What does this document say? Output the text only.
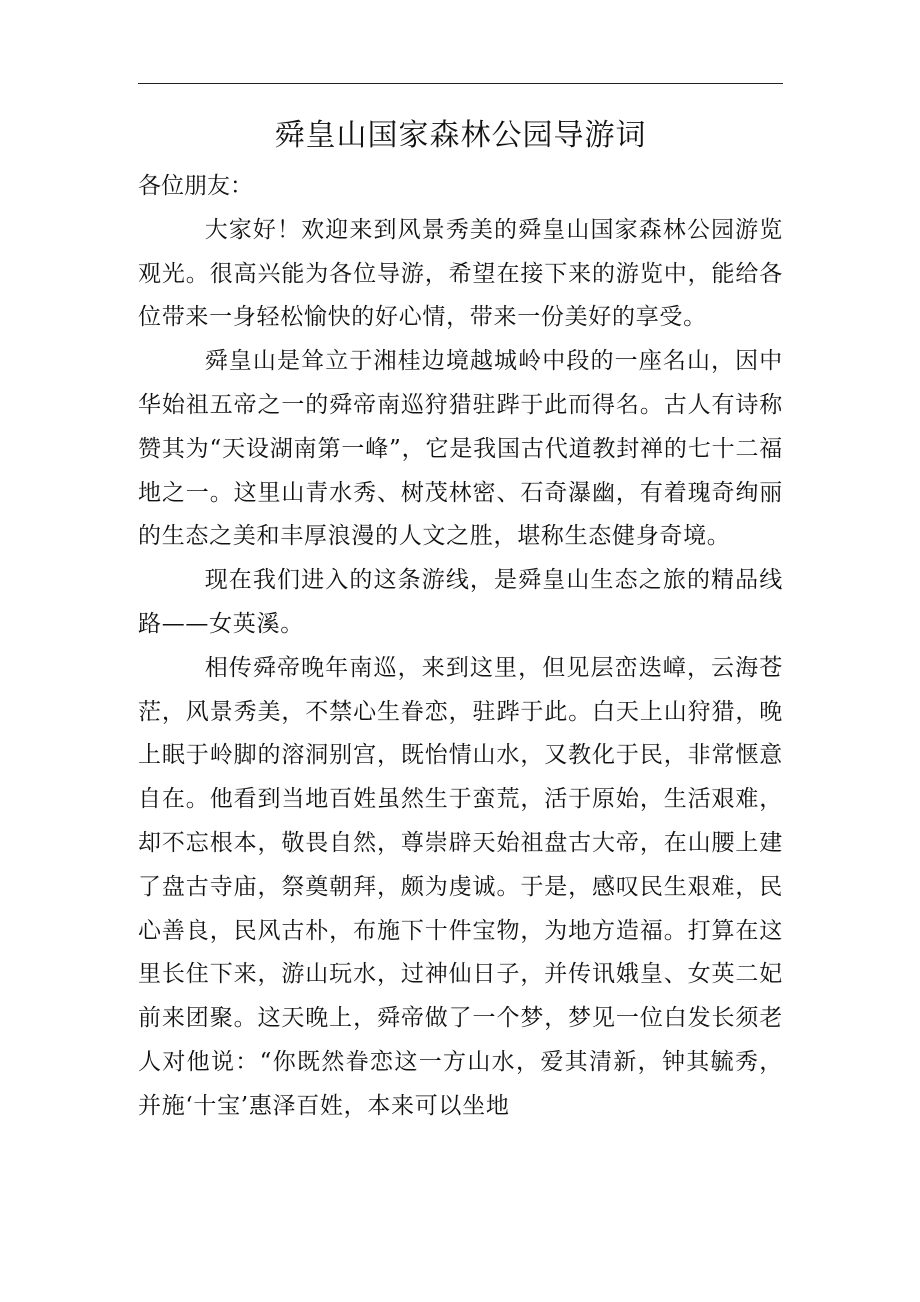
舜皇山国家森林公园导游词

各位朋友：

大家好！欢迎来到风景秀美的舜皇山国家森林公园游览观光。很高兴能为各位导游，希望在接下来的游览中，能给各位带来一身轻松愉快的好心情，带来一份美好的享受。

舜皇山是耸立于湘桂边境越城岭中段的一座名山，因中华始祖五帝之一的舜帝南巡狩猎驻跸于此而得名。古人有诗称赞其为“天设湖南第一峰”，它是我国古代道教封禅的七十二福地之一。这里山青水秀、树茂林密、石奇瀑幽，有着瑰奇绚丽的生态之美和丰厚浪漫的人文之胜，堪称生态健身奇境。

现在我们进入的这条游线，是舜皇山生态之旅的精品线路——女英溪。

相传舜帝晚年南巡，来到这里，但见层峦迭嶂，云海苍茫，风景秀美，不禁心生眷恋，驻跸于此。白天上山狩猎，晚上眠于岭脚的溶洞别宫，既怡情山水，又教化于民，非常惬意自在。他看到当地百姓虽然生于蛮荒，活于原始，生活艰难，却不忘根本，敬畏自然，尊崇辟天始祖盘古大帝，在山腰上建了盘古寺庙，祭奠朝拜，颇为虔诚。于是，感叹民生艰难，民心善良，民风古朴，布施下十件宝物，为地方造福。打算在这里长住下来，游山玩水，过神仙日子，并传讯娥皇、女英二妃前来团聚。这天晚上，舜帝做了一个梦，梦见一位白发长须老人对他说：“你既然眷恋这一方山水，爱其清新，钟其毓秀，并施‘十宝’惠泽百姓，本来可以坐地
